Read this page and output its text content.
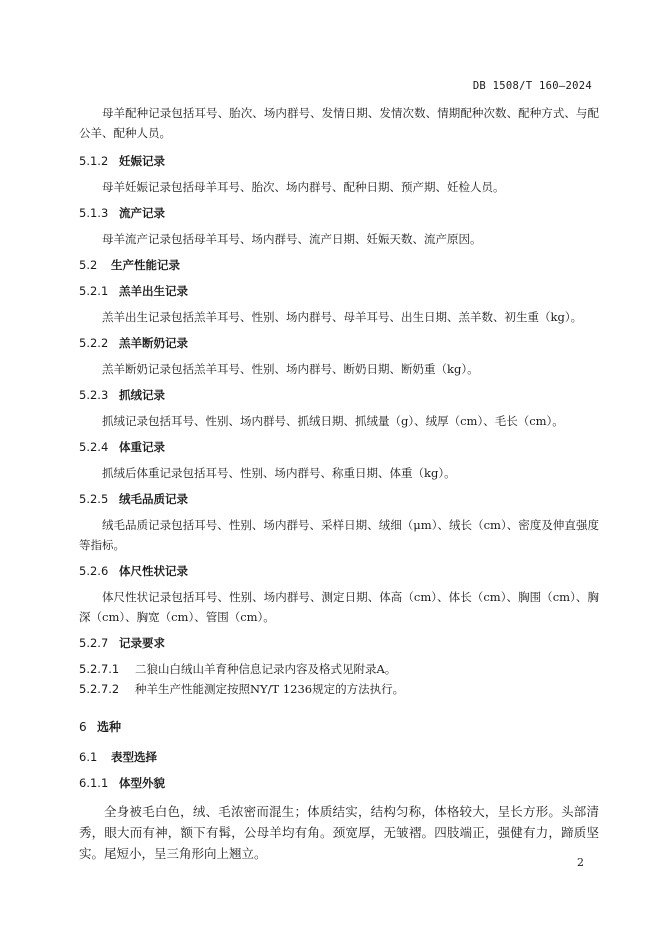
DB 1508/T 160—2024

母羊配种记录包括耳号、胎次、场内群号、发情日期、发情次数、情期配种次数、配种方式、与配公羊、配种人员。

5.1.2 妊娠记录

母羊妊娠记录包括母羊耳号、胎次、场内群号、配种日期、预产期、妊检人员。

5.1.3 流产记录

母羊流产记录包括母羊耳号、场内群号、流产日期、妊娠天数、流产原因。

5.2 生产性能记录

5.2.1 羔羊出生记录

羔羊出生记录包括羔羊耳号、性别、场内群号、母羊耳号、出生日期、羔羊数、初生重（kg）。

5.2.2 羔羊断奶记录

羔羊断奶记录包括羔羊耳号、性别、场内群号、断奶日期、断奶重（kg）。

5.2.3 抓绒记录

抓绒记录包括耳号、性别、场内群号、抓绒日期、抓绒量（g）、绒厚（cm）、毛长（cm）。

5.2.4 体重记录

抓绒后体重记录包括耳号、性别、场内群号、称重日期、体重（kg）。

5.2.5 绒毛品质记录

绒毛品质记录包括耳号、性别、场内群号、采样日期、绒细（μm）、绒长（cm）、密度及伸直强度等指标。

5.2.6 体尺性状记录

体尺性状记录包括耳号、性别、场内群号、测定日期、体高（cm）、体长（cm）、胸围（cm）、胸深（cm）、胸宽（cm）、管围（cm）。

5.2.7 记录要求

5.2.7.1 二狼山白绒山羊育种信息记录内容及格式见附录A。

5.2.7.2 种羊生产性能测定按照NY/T 1236规定的方法执行。

6 选种

6.1 表型选择

6.1.1 体型外貌

全身被毛白色，绒、毛浓密而混生；体质结实，结构匀称，体格较大，呈长方形。头部清秀，眼大而有神，额下有髯，公母羊均有角。颈宽厚，无皱褶。四肢端正，强健有力，蹄质坚实。尾短小，呈三角形向上翘立。

2
